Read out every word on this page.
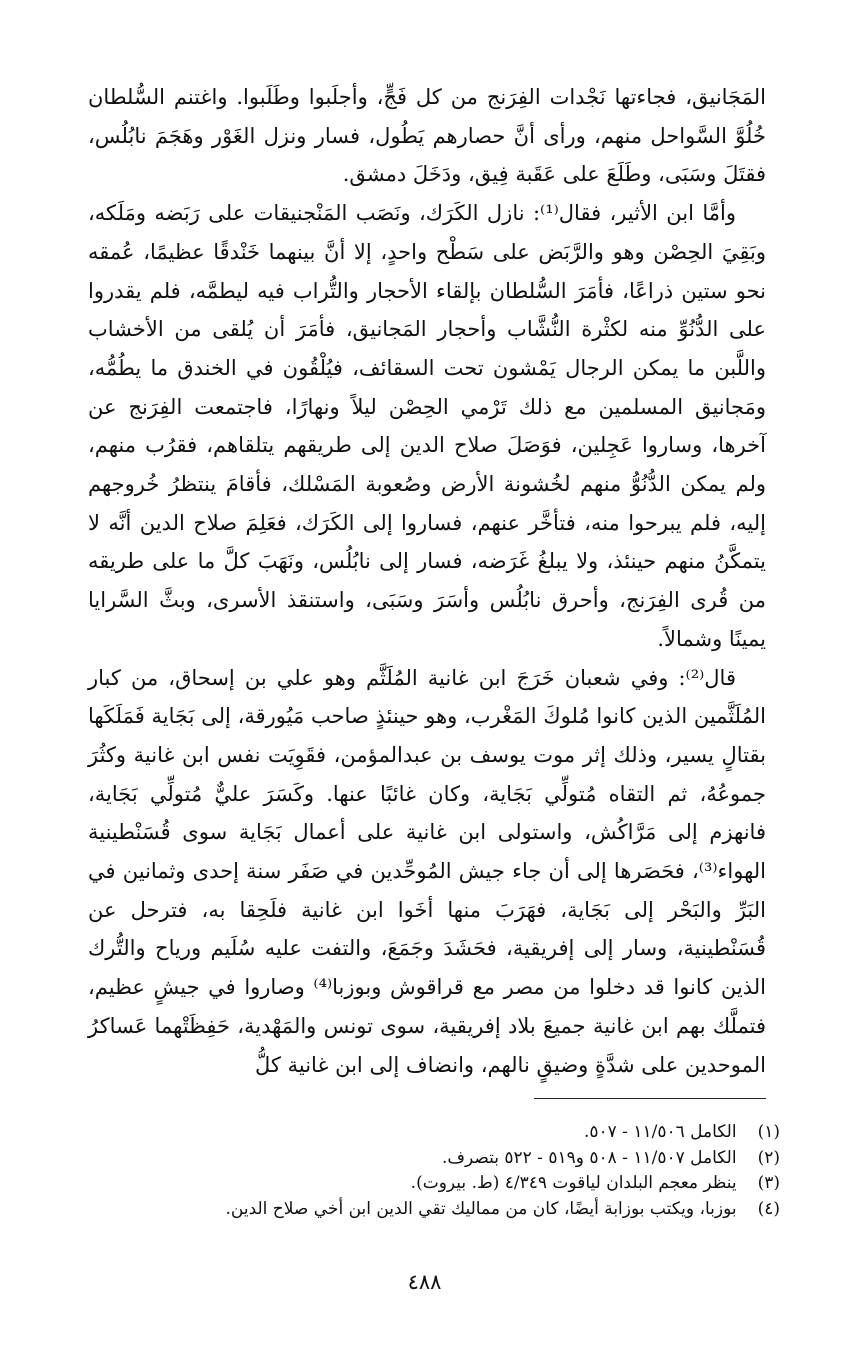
المَجَانيق، فجاءتها نَجْدات الفِرَنج من كل فَجٍّ، وأجلَبوا وطَلَبوا. واغتنم السُّلطان خُلُوَّ السَّواحل منهم، ورأى أنَّ حصارهم يَطُول، فسار ونزل الغَوْر وهَجَمَ نابُلُس، فقتَلَ وسَبَى، وطَلَعَ على عَقَبة فِيق، ودَخَلَ دمشق.

وأمَّا ابن الأثير، فقال⁽¹⁾: نازل الكَرَك، ونَصَب المَنْجنيقات على رَبَضه ومَلَكه، وبَقِيَ الحِصْن وهو والرَّبَض على سَطْح واحدٍ، إلا أنَّ بينهما خَنْدقًا عظيمًا، عُمقه نحو ستين ذراعًا، فأمَرَ السُّلطان بإلقاء الأحجار والتُّراب فيه ليطمَّه، فلم يقدروا على الدُّنُوِّ منه لكثْرة النُّشَّاب وأحجار المَجانيق، فأمَرَ أن يُلقى من الأخشاب واللَّبن ما يمكن الرجال يَمْشون تحت السقائف، فيُلْقُون في الخندق ما يطُمُّه، ومَجانيق المسلمين مع ذلك تَرْمي الحِصْن ليلاً ونهارًا، فاجتمعت الفِرَنج عن آخرها، وساروا عَجِلين، فوَصَلَ صلاح الدين إلى طريقهم يتلقاهم، فقرُب منهم، ولم يمكن الدُّنُوُّ منهم لخُشونة الأرض وصُعوبة المَسْلك، فأقامَ ينتظرُ خُروجهم إليه، فلم يبرحوا منه، فتأخَّر عنهم، فساروا إلى الكَرَك، فعَلِمَ صلاح الدين أنَّه لا يتمكَّنُ منهم حينئذ، ولا يبلغُ غَرَضه، فسار إلى نابُلُس، ونَهَبَ كلَّ ما على طريقه من قُرى الفِرَنج، وأحرق نابُلُس وأسَرَ وسَبَى، واستنقذ الأسرى، وبثَّ السَّرايا يمينًا وشمالاً.

قال⁽²⁾: وفي شعبان خَرَجَ ابن غانية المُلَثَّم وهو علي بن إسحاق، من كبار المُلَثَّمين الذين كانوا مُلوكَ المَغْرب، وهو حينئذٍ صاحب مَيُورقة، إلى بَجَاية فَمَلَكَها بقتالٍ يسير، وذلك إثر موت يوسف بن عبدالمؤمن، فقَوِيَت نفس ابن غانية وكثُرَ جموعُهُ، ثم التقاه مُتولِّي بَجَاية، وكان غائبًا عنها. وكَسَرَ عليٌّ مُتولِّي بَجَاية، فانهزم إلى مَرَّاكُش، واستولى ابن غانية على أعمال بَجَاية سوى قُسَنْطينية الهواء⁽³⁾، فحَصَرها إلى أن جاء جيش المُوحِّدين في صَفَر سنة إحدى وثمانين في البَرِّ والبَحْر إلى بَجَاية، فهَرَبَ منها أخَوا ابن غانية فلَحِقا به، فترحل عن قُسَنْطينية، وسار إلى إفريقية، فحَشَدَ وجَمَعَ، والتفت عليه سُلَيم ورياح والتُّرك الذين كانوا قد دخلوا من مصر مع قراقوش وبوزبا⁽⁴⁾ وصاروا في جيشٍ عظيم، فتملَّك بهم ابن غانية جميعَ بلاد إفريقية، سوى تونس والمَهْدية، حَفِظَتْهما عَساكرُ الموحدين على شدَّةٍ وضيقٍ نالهم، وانضاف إلى ابن غانية كلُّ

(١) الكامل ١١/٥٠٦ - ٥٠٧.
(٢) الكامل ١١/٥٠٧ - ٥٠٨ و٥١٩ - ٥٢٢ بتصرف.
(٣) ينظر معجم البلدان لياقوت ٤/٣٤٩ (ط. بيروت).
(٤) بوزبا، ويكتب بوزابة أيضًا، كان من مماليك تقي الدين ابن أخي صلاح الدين.
٤٨٨
